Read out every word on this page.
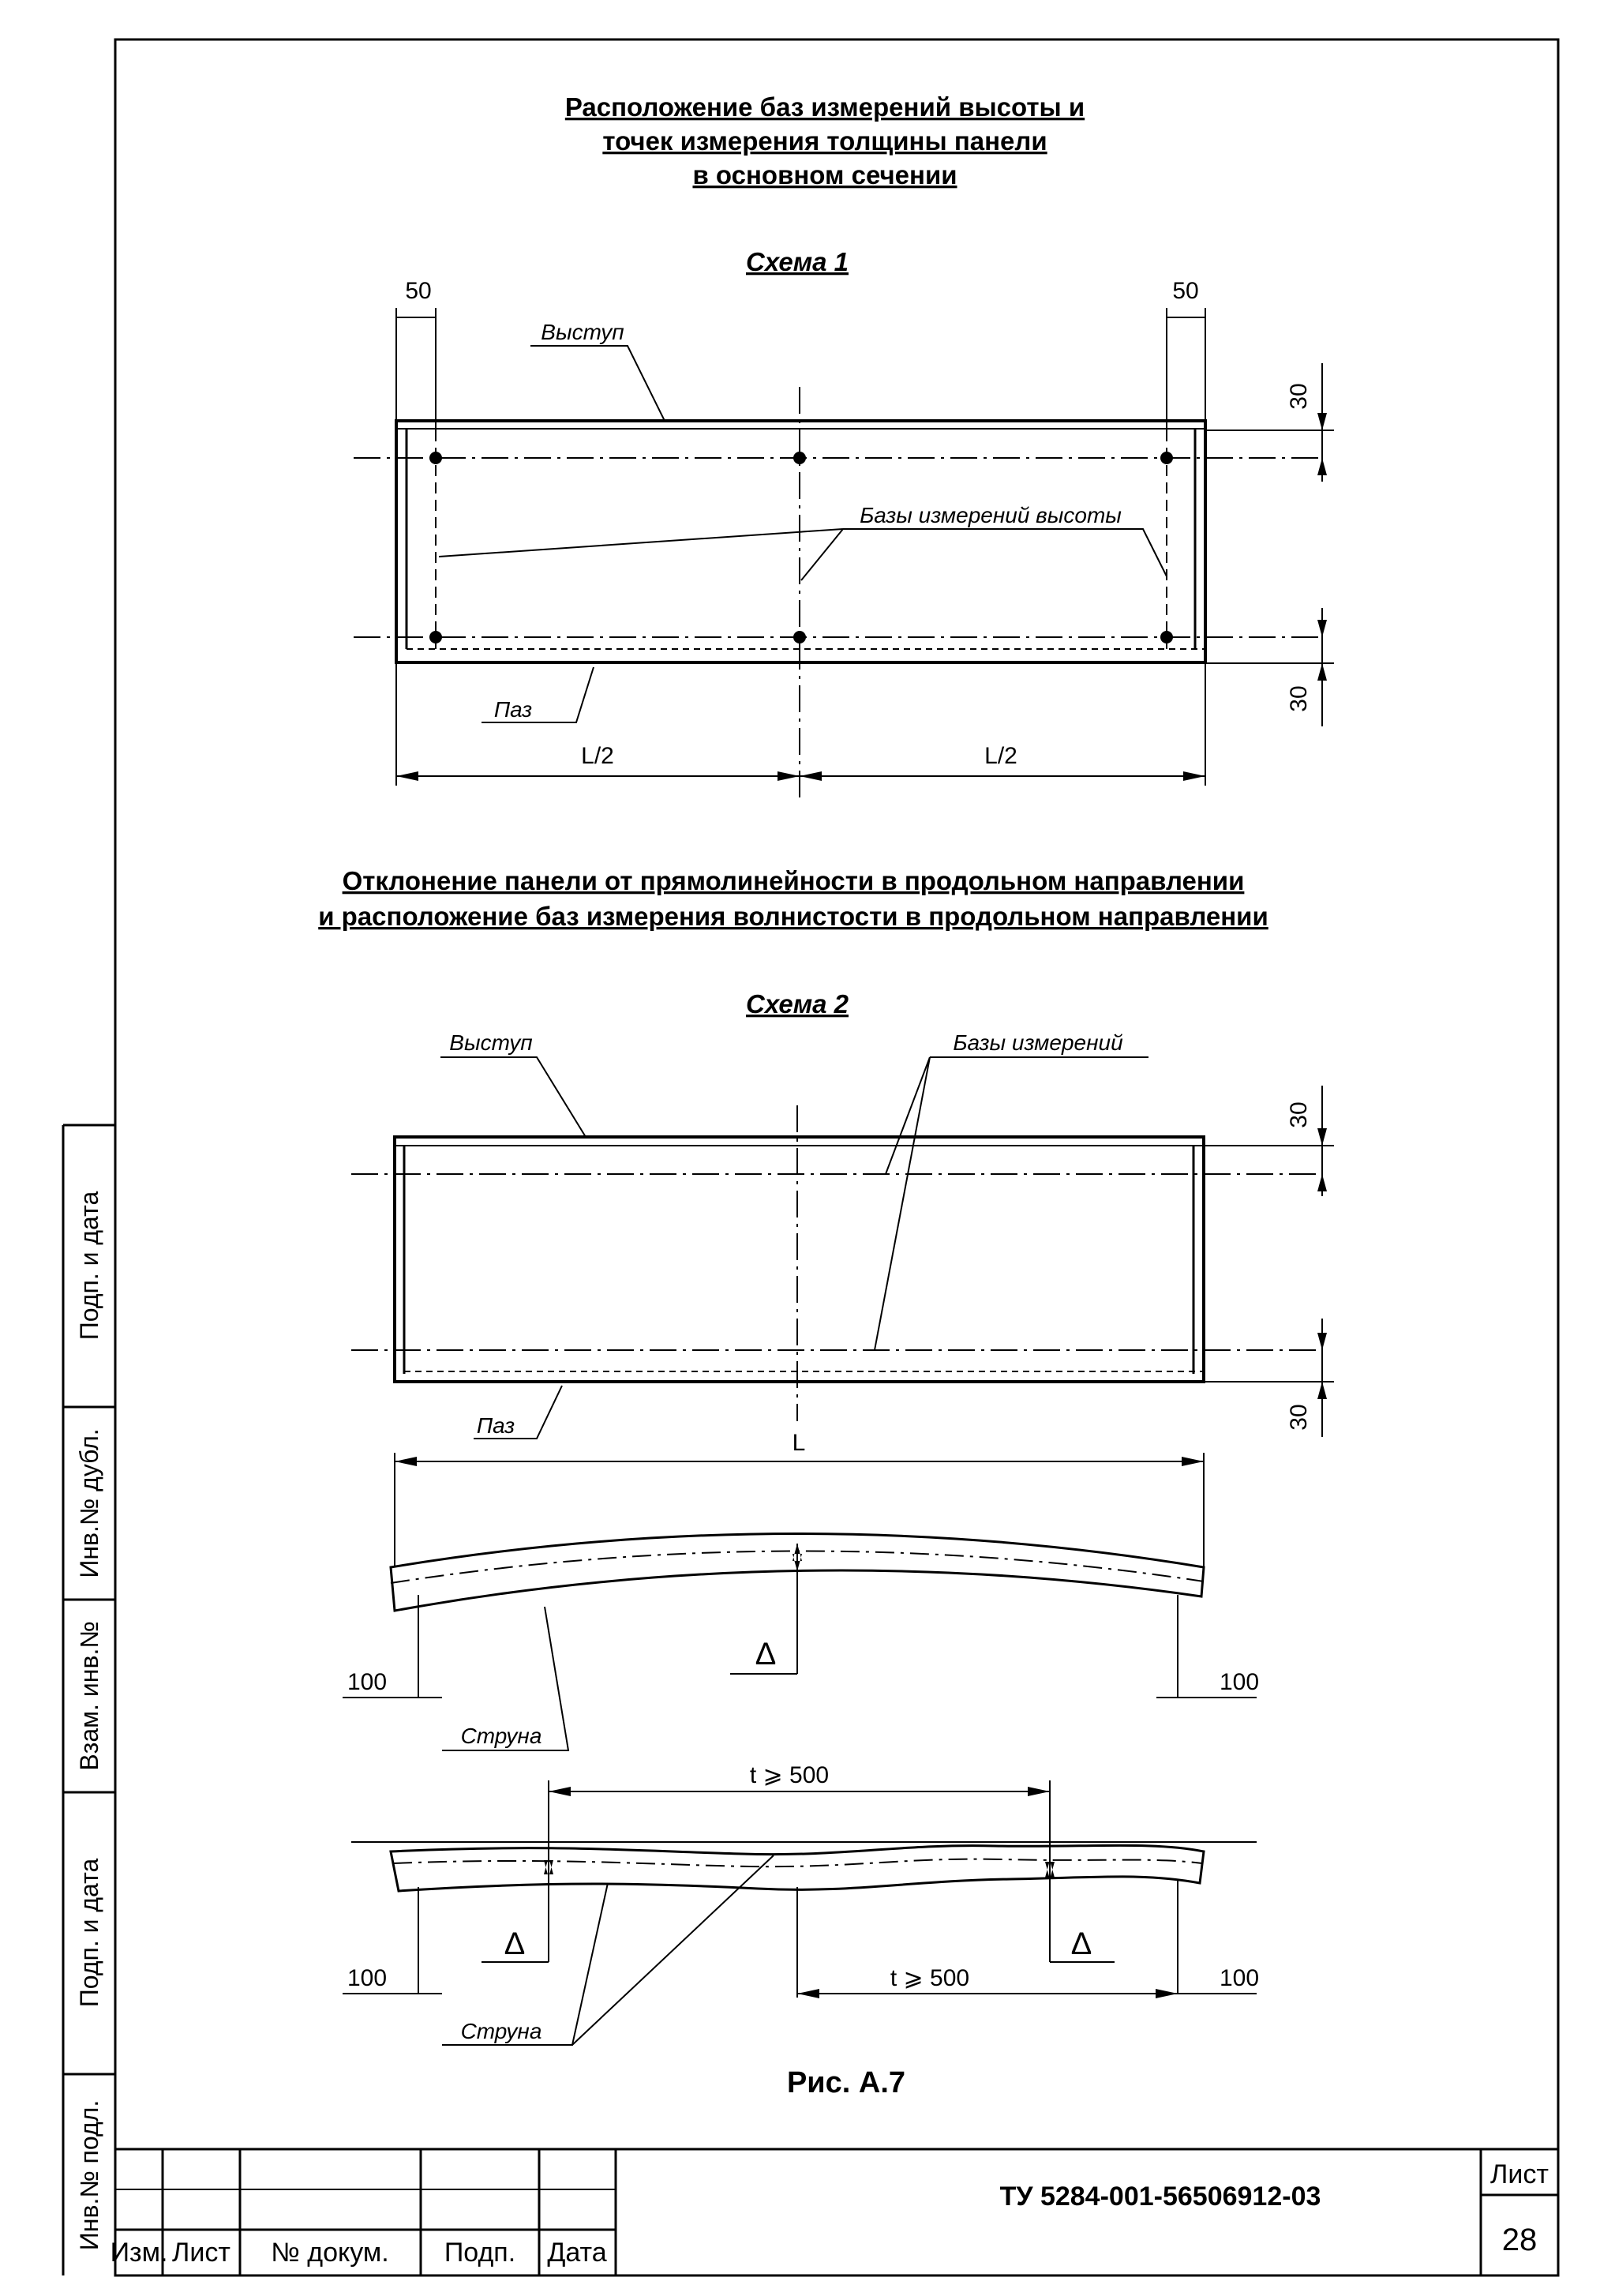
Инв.№ подл.
Подп. и дата
Взам. инв.№
Инв.№ дубл.
Подп. и дата
Изм. Лист № докум. Подп. Дата
ТУ 5284-001-56506912-03
Лист
28
Расположение баз измерений высоты и
точек измерения толщины панели
в основном сечении
Схема 1
50	50
30
30
L/2	L/2
Выступ
Базы измерений высоты
Паз
Отклонение панели от прямолинейности в продольном направлении
и расположение баз измерения волнистости в продольном направлении
Схема 2
30
30
L
100	100
t ⩾ 500
t ⩾ 500
100	100
Выступ	Базы измерений
Паз
Струна
Струна
Δ
Δ	Δ
Рис. А.7
